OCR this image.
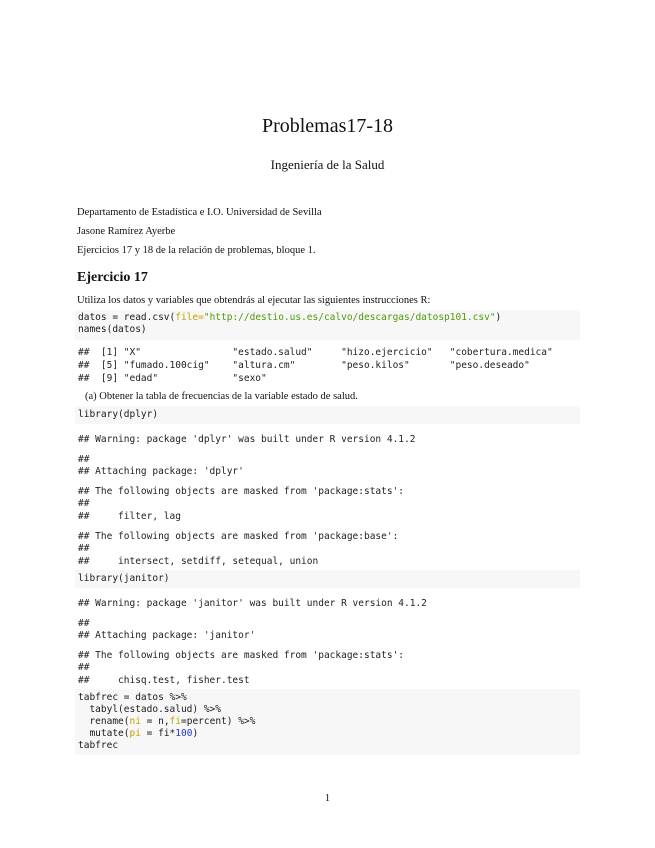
Problemas17-18
Ingeniería de la Salud
Departamento de Estadística e I.O. Universidad de Sevilla
Jasone Ramírez Ayerbe
Ejercicios 17 y 18 de la relación de problemas, bloque 1.
Ejercicio 17
Utiliza los datos y variables que obtendrás al ejecutar las siguientes instrucciones R:
datos = read.csv(file="http://destio.us.es/calvo/descargas/datosp101.csv")
names(datos)
##  [1] "X"                "estado.salud"     "hizo.ejercicio"   "cobertura.medica"
##  [5] "fumado.100cig"    "altura.cm"        "peso.kilos"       "peso.deseado"
##  [9] "edad"             "sexo"
(a) Obtener la tabla de frecuencias de la variable estado de salud.
library(dplyr)
## Warning: package 'dplyr' was built under R version 4.1.2
##
## Attaching package: 'dplyr'
## The following objects are masked from 'package:stats':
##
##     filter, lag
## The following objects are masked from 'package:base':
##
##     intersect, setdiff, setequal, union
library(janitor)
## Warning: package 'janitor' was built under R version 4.1.2
##
## Attaching package: 'janitor'
## The following objects are masked from 'package:stats':
##
##     chisq.test, fisher.test
tabfrec = datos %>%
tabyl(estado.salud) %>%
rename(ni = n,fi=percent) %>%
mutate(pi = fi*100)
tabfrec
1
